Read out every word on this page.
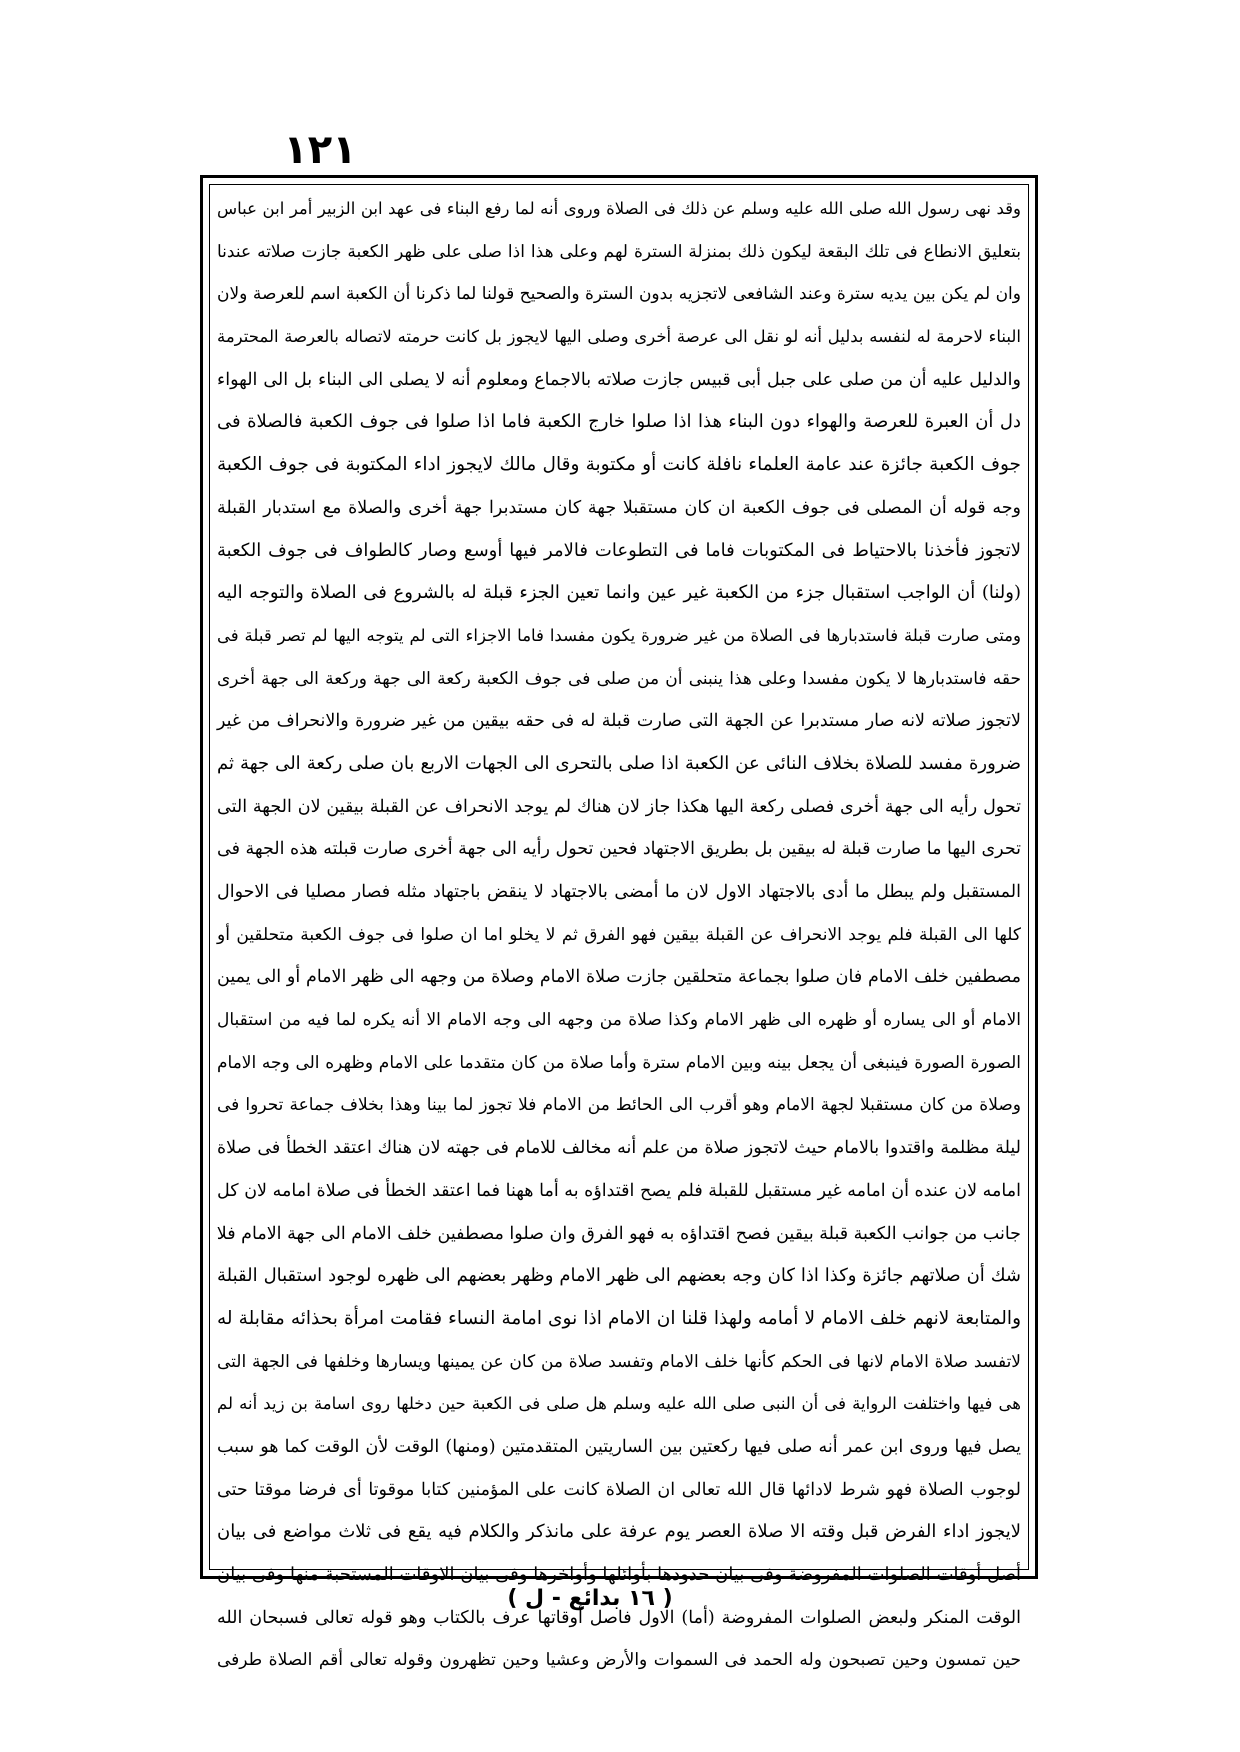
١٢١
وقد نهى رسول الله صلى الله عليه وسلم عن ذلك فى الصلاة وروى أنه لما رفع البناء فى عهد ابن الزبير أمر ابن عباس
بتعليق الانطاع فى تلك البقعة ليكون ذلك بمنزلة السترة لهم وعلى هذا اذا صلى على ظهر الكعبة جازت صلاته عندنا
وان لم يكن بين يديه سترة وعند الشافعى لاتجزيه بدون السترة والصحيح قولنا لما ذكرنا أن الكعبة اسم للعرصة ولان
البناء لاحرمة له لنفسه بدليل أنه لو نقل الى عرصة أخرى وصلى اليها لايجوز بل كانت حرمته لاتصاله بالعرصة المحترمة
والدليل عليه أن من صلى على جبل أبى قبيس جازت صلاته بالاجماع ومعلوم أنه لا يصلى الى البناء بل الى الهواء
دل أن العبرة للعرصة والهواء دون البناء هذا اذا صلوا خارج الكعبة فاما اذا صلوا فى جوف الكعبة فالصلاة فى
جوف الكعبة جائزة عند عامة العلماء نافلة كانت أو مكتوبة وقال مالك لايجوز اداء المكتوبة فى جوف الكعبة
وجه قوله أن المصلى فى جوف الكعبة ان كان مستقبلا جهة كان مستدبرا جهة أخرى والصلاة مع استدبار القبلة
لاتجوز فأخذنا بالاحتياط فى المكتوبات فاما فى التطوعات فالامر فيها أوسع وصار كالطواف فى جوف الكعبة
(ولنا) أن الواجب استقبال جزء من الكعبة غير عين وانما تعين الجزء قبلة له بالشروع فى الصلاة والتوجه اليه
ومتى صارت قبلة فاستدبارها فى الصلاة من غير ضرورة يكون مفسدا فاما الاجزاء التى لم يتوجه اليها لم تصر قبلة فى
حقه فاستدبارها لا يكون مفسدا وعلى هذا ينبنى أن من صلى فى جوف الكعبة ركعة الى جهة وركعة الى جهة أخرى
لاتجوز صلاته لانه صار مستدبرا عن الجهة التى صارت قبلة له فى حقه بيقين من غير ضرورة والانحراف من غير
ضرورة مفسد للصلاة بخلاف النائى عن الكعبة اذا صلى بالتحرى الى الجهات الاربع بان صلى ركعة الى جهة ثم
تحول رأيه الى جهة أخرى فصلى ركعة اليها هكذا جاز لان هناك لم يوجد الانحراف عن القبلة بيقين لان الجهة التى
تحرى اليها ما صارت قبلة له بيقين بل بطريق الاجتهاد فحين تحول رأيه الى جهة أخرى صارت قبلته هذه الجهة فى
المستقبل ولم يبطل ما أدى بالاجتهاد الاول لان ما أمضى بالاجتهاد لا ينقض باجتهاد مثله فصار مصليا فى الاحوال
كلها الى القبلة فلم يوجد الانحراف عن القبلة بيقين فهو الفرق ثم لا يخلو اما ان صلوا فى جوف الكعبة متحلقين أو
مصطفين خلف الامام فان صلوا بجماعة متحلقين جازت صلاة الامام وصلاة من وجهه الى ظهر الامام أو الى يمين
الامام أو الى يساره أو ظهره الى ظهر الامام وكذا صلاة من وجهه الى وجه الامام الا أنه يكره لما فيه من استقبال
الصورة الصورة فينبغى أن يجعل بينه وبين الامام سترة وأما صلاة من كان متقدما على الامام وظهره الى وجه الامام
وصلاة من كان مستقبلا لجهة الامام وهو أقرب الى الحائط من الامام فلا تجوز لما بينا وهذا بخلاف جماعة تحروا فى
ليلة مظلمة واقتدوا بالامام حيث لاتجوز صلاة من علم أنه مخالف للامام فى جهته لان هناك اعتقد الخطأ فى صلاة
امامه لان عنده أن امامه غير مستقبل للقبلة فلم يصح اقتداؤه به أما ههنا فما اعتقد الخطأ فى صلاة امامه لان كل
جانب من جوانب الكعبة قبلة بيقين فصح اقتداؤه به فهو الفرق وان صلوا مصطفين خلف الامام الى جهة الامام فلا
شك أن صلاتهم جائزة وكذا اذا كان وجه بعضهم الى ظهر الامام وظهر بعضهم الى ظهره لوجود استقبال القبلة
والمتابعة لانهم خلف الامام لا أمامه ولهذا قلنا ان الامام اذا نوى امامة النساء فقامت امرأة بحذائه مقابلة له
لاتفسد صلاة الامام لانها فى الحكم كأنها خلف الامام وتفسد صلاة من كان عن يمينها ويسارها وخلفها فى الجهة التى
هى فيها واختلفت الرواية فى أن النبى صلى الله عليه وسلم هل صلى فى الكعبة حين دخلها روى اسامة بن زيد أنه لم
يصل فيها وروى ابن عمر أنه صلى فيها ركعتين بين الساريتين المتقدمتين (ومنها) الوقت لأن الوقت كما هو سبب
لوجوب الصلاة فهو شرط لادائها قال الله تعالى ان الصلاة كانت على المؤمنين كتابا موقوتا أى فرضا موقتا حتى
لايجوز اداء الفرض قبل وقته الا صلاة العصر يوم عرفة على مانذكر والكلام فيه يقع فى ثلاث مواضع فى بيان
أصل أوقات الصلوات المفروضة وفى بيان حدودها بأوائلها وأواخرها وفى بيان الاوقات المستحبة منها وفى بيان
الوقت المنكر ولبعض الصلوات المفروضة (أما) الاول فاصل أوقاتها عرف بالكتاب وهو قوله تعالى فسبحان الله
حين تمسون وحين تصبحون وله الحمد فى السموات والأرض وعشيا وحين تظهرون وقوله تعالى أقم الصلاة طرفى
( ١٦ بدائع - ل )
